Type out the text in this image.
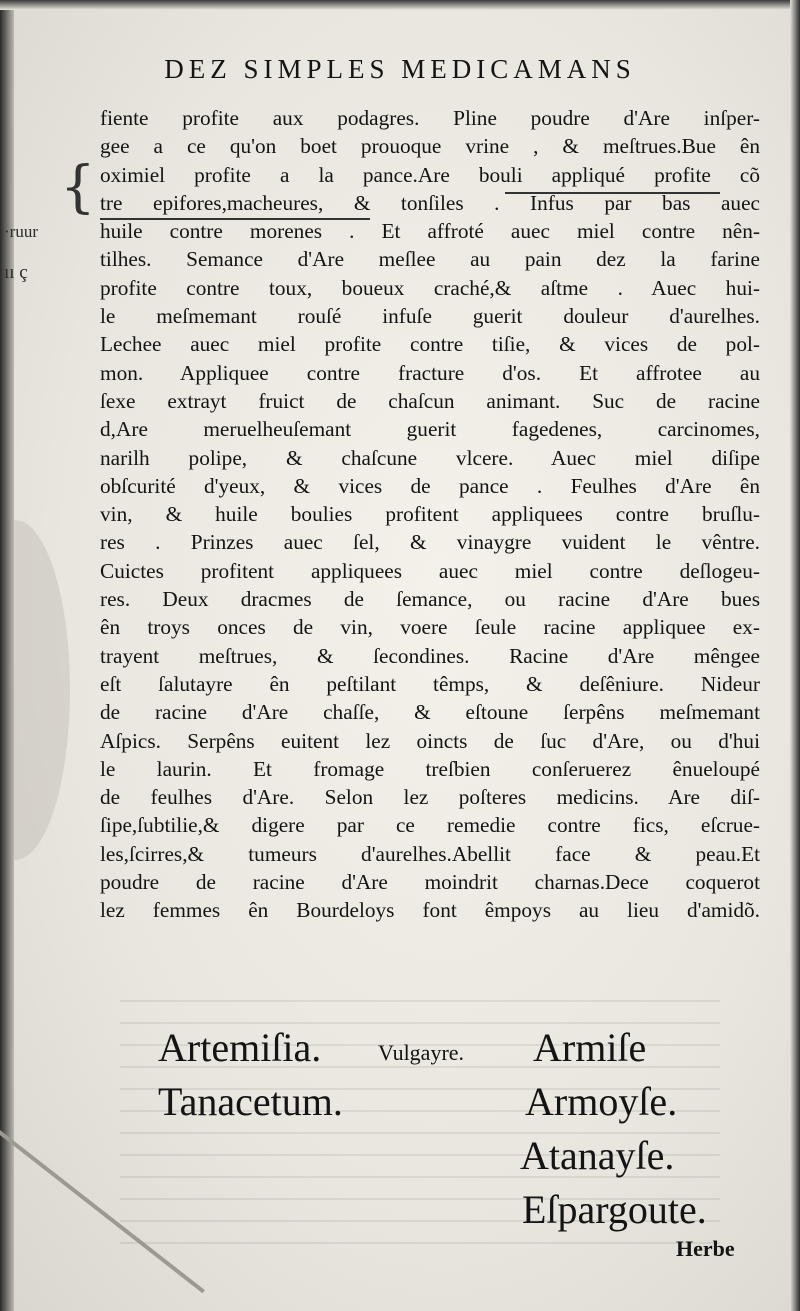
DEZ SIMPLES MEDICAMANS
{
·ruur
ıı ç
fiente profite aux podagres. Pline poudre d'Are inſper-
gee a ce qu'on boet prouoque vrine , & meſtrues.Bue ên
oximiel profite a la pance.Are bouli appliqué profite cõ
tre epifores,macheures, & tonſiles . Infus par bas auec
huile contre morenes . Et affroté auec miel contre nên-
tilhes. Semance d'Are meſlee au pain dez la farine
profite contre toux, boueux craché,& aſtme . Auec hui-
le meſmemant rouſé infuſe guerit douleur d'aurelhes.
Lechee auec miel profite contre tiſie, & vices de pol-
mon. Appliquee contre fracture d'os. Et affrotee au
ſexe extrayt fruict de chaſcun animant. Suc de racine
d,Are meruelheuſemant guerit fagedenes, carcinomes,
narilh polipe, & chaſcune vlcere. Auec miel diſipe
obſcurité d'yeux, & vices de pance . Feulhes d'Are ên
vin, & huile boulies profitent appliquees contre bruſlu-
res . Prinzes auec ſel, & vinaygre vuident le vêntre.
Cuictes profitent appliquees auec miel contre deſlogeu-
res. Deux dracmes de ſemance, ou racine d'Are bues
ên troys onces de vin, voere ſeule racine appliquee ex-
trayent meſtrues, & ſecondines. Racine d'Are mêngee
eſt ſalutayre ên peſtilant têmps, & deſêniure. Nideur
de racine d'Are chaſſe, & eſtoune ſerpêns meſmemant
Aſpics. Serpêns euitent lez oincts de ſuc d'Are, ou d'hui
le laurin. Et fromage treſbien conſeruerez ênueloupé
de feulhes d'Are. Selon lez poſteres medicins. Are diſ-
ſipe,ſubtilie,& digere par ce remedie contre fics, eſcrue-
les,ſcirres,& tumeurs d'aurelhes.Abellit face & peau.Et
poudre de racine d'Are moindrit charnas.Dece coquerot
lez femmes ên Bourdeloys font êmpoys au lieu d'amidõ.
Artemiſia.
Tanacetum.
Vulgayre. Armiſe
Armoyſe.
Atanayſe.
Eſpargoute.
Herbe
